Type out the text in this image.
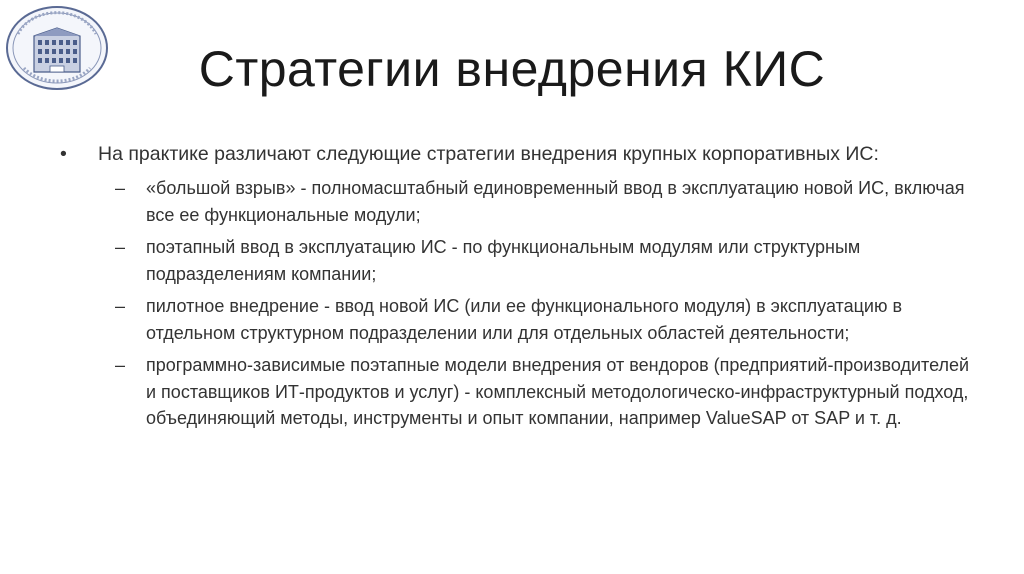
Стратегии внедрения КИС
• На практике различают следующие стратегии внедрения крупных корпоративных ИС:
– «большой взрыв» - полномасштабный единовременный ввод в эксплуатацию новой ИС, включая все ее функциональные модули;
– поэтапный ввод в эксплуатацию ИС - по функциональным модулям или структурным подразделениям компании;
– пилотное внедрение - ввод новой ИС (или ее функционального модуля) в эксплуатацию в отдельном структурном подразделении или для отдельных областей деятельности;
– программно-зависимые поэтапные модели внедрения от вендоров (предприятий-производителей и поставщиков ИТ-продуктов и услуг) - комплексный методологическо-инфраструктурный подход, объединяющий методы, инструменты и опыт компании, например ValueSAP от SAP и т. д.
